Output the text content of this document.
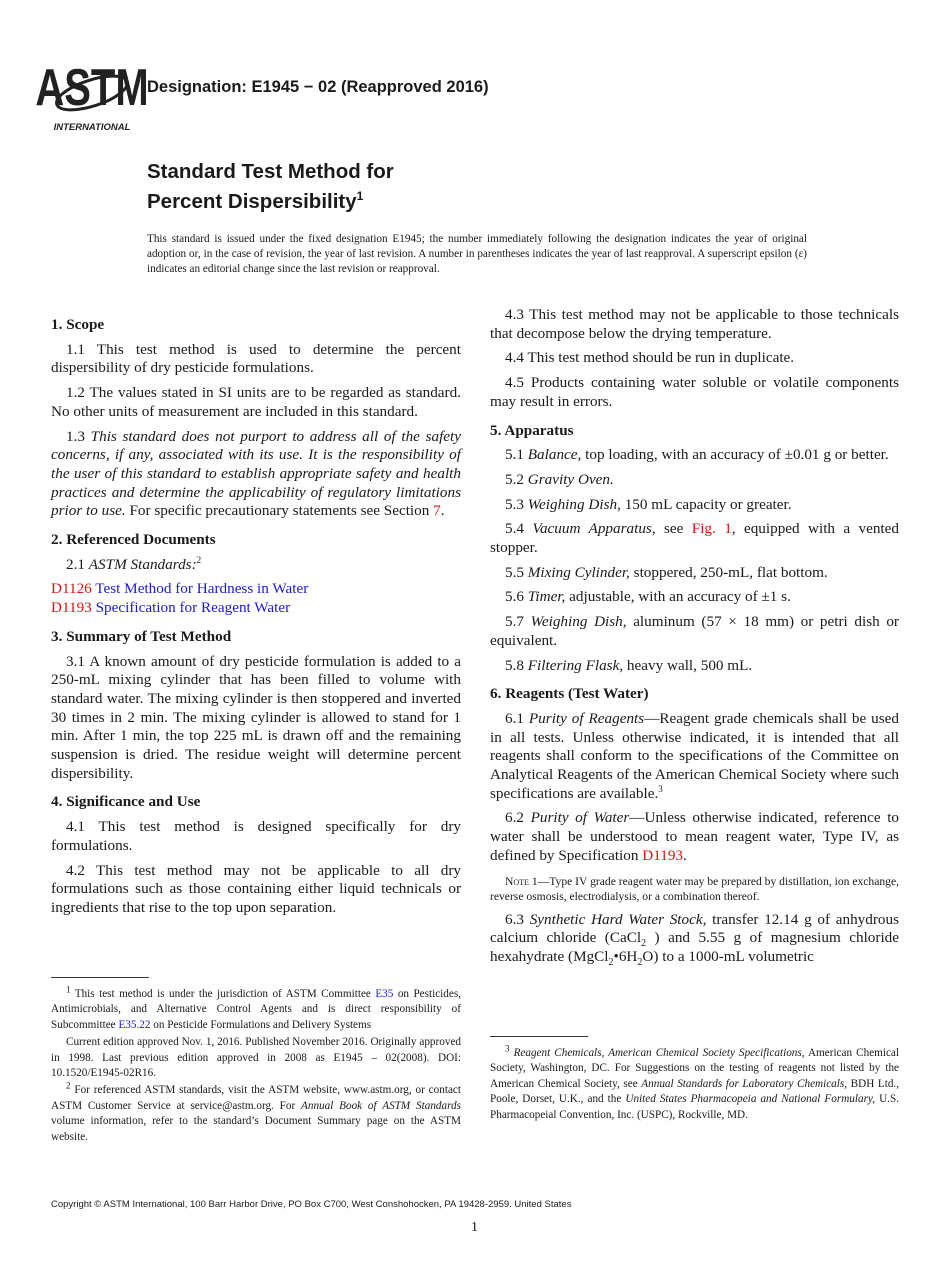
ASTM
INTERNATIONAL
Designation: E1945 − 02 (Reapproved 2016)
Standard Test Method for
Percent Dispersibility$^1$
This standard is issued under the fixed designation E1945; the number immediately following the designation indicates the year of original adoption or, in the case of revision, the year of last revision. A number in parentheses indicates the year of last reapproval. A superscript epsilon (ε) indicates an editorial change since the last revision or reapproval.
1. Scope
1.1 This test method is used to determine the percent dispersibility of dry pesticide formulations.
1.2 The values stated in SI units are to be regarded as standard. No other units of measurement are included in this standard.
1.3 This standard does not purport to address all of the safety concerns, if any, associated with its use. It is the responsibility of the user of this standard to establish appropriate safety and health practices and determine the applicability of regulatory limitations prior to use. For specific precautionary statements see Section 7.
2. Referenced Documents
2.1 ASTM Standards:$^2$
D1126 Test Method for Hardness in Water
D1193 Specification for Reagent Water
3. Summary of Test Method
3.1 A known amount of dry pesticide formulation is added to a 250-mL mixing cylinder that has been filled to volume with standard water. The mixing cylinder is then stoppered and inverted 30 times in 2 min. The mixing cylinder is allowed to stand for 1 min. After 1 min, the top 225 mL is drawn off and the remaining suspension is dried. The residue weight will determine percent dispersibility.
4. Significance and Use
4.1 This test method is designed specifically for dry formulations.
4.2 This test method may not be applicable to all dry formulations such as those containing either liquid technicals or ingredients that rise to the top upon separation.
4.3 This test method may not be applicable to those technicals that decompose below the drying temperature.
4.4 This test method should be run in duplicate.
4.5 Products containing water soluble or volatile components may result in errors.
5. Apparatus
5.1 Balance, top loading, with an accuracy of ±0.01 g or better.
5.2 Gravity Oven.
5.3 Weighing Dish, 150 mL capacity or greater.
5.4 Vacuum Apparatus, see Fig. 1, equipped with a vented stopper.
5.5 Mixing Cylinder, stoppered, 250-mL, flat bottom.
5.6 Timer, adjustable, with an accuracy of ±1 s.
5.7 Weighing Dish, aluminum (57 × 18 mm) or petri dish or equivalent.
5.8 Filtering Flask, heavy wall, 500 mL.
6. Reagents (Test Water)
6.1 Purity of Reagents—Reagent grade chemicals shall be used in all tests. Unless otherwise indicated, it is intended that all reagents shall conform to the specifications of the Committee on Analytical Reagents of the American Chemical Society where such specifications are available.$^3$
6.2 Purity of Water—Unless otherwise indicated, reference to water shall be understood to mean reagent water, Type IV, as defined by Specification D1193.
Note 1—Type IV grade reagent water may be prepared by distillation, ion exchange, reverse osmosis, electrodialysis, or a combination thereof.
6.3 Synthetic Hard Water Stock, transfer 12.14 g of anhydrous calcium chloride (CaCl$_2$ ) and 5.55 g of magnesium chloride hexahydrate $(MgCl_2•6H_2O)$ to a 1000-mL volumetric
$^1$ This test method is under the jurisdiction of ASTM Committee E35 on Pesticides, Antimicrobials, and Alternative Control Agents and is direct responsibility of Subcommittee E35.22 on Pesticide Formulations and Delivery Systems
Current edition approved Nov. 1, 2016. Published November 2016. Originally approved in 1998. Last previous edition approved in 2008 as E1945 – 02(2008). DOI: 10.1520/E1945-02R16.
$^2$ For referenced ASTM standards, visit the ASTM website, www.astm.org, or contact ASTM Customer Service at service@astm.org. For Annual Book of ASTM Standards volume information, refer to the standard’s Document Summary page on the ASTM website.
$^3$ Reagent Chemicals, American Chemical Society Specifications, American Chemical Society, Washington, DC. For Suggestions on the testing of reagents not listed by the American Chemical Society, see Annual Standards for Laboratory Chemicals, BDH Ltd., Poole, Dorset, U.K., and the United States Pharmacopeia and National Formulary, U.S. Pharmacopeial Convention, Inc. (USPC), Rockville, MD.
Copyright © ASTM International, 100 Barr Harbor Drive, PO Box C700, West Conshohocken, PA 19428-2959. United States
1
